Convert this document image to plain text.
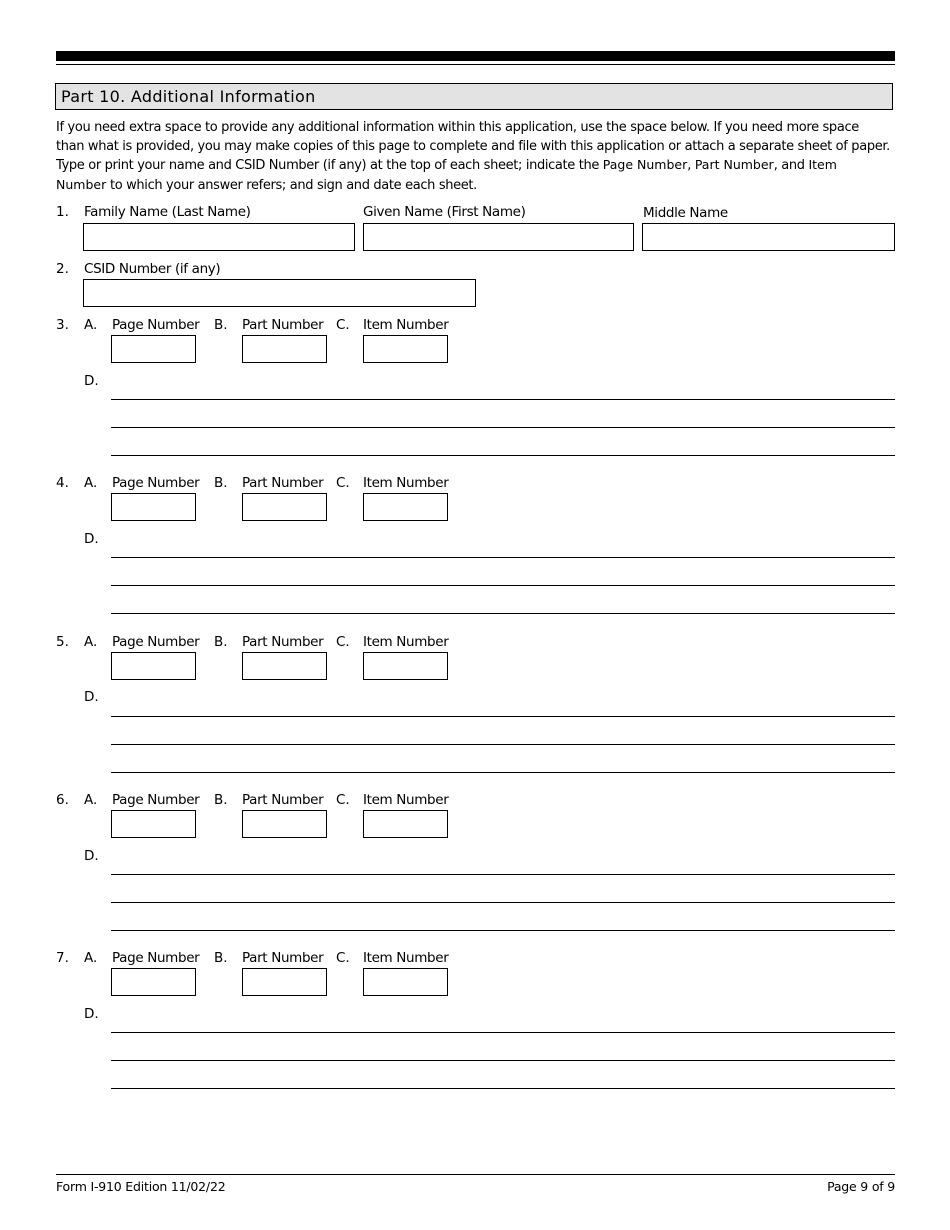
Part 10. Additional Information
If you need extra space to provide any additional information within this application, use the space below. If you need more space
than what is provided, you may make copies of this page to complete and file with this application or attach a separate sheet of paper.
Type or print your name and CSID Number (if any) at the top of each sheet; indicate the Page Number, Part Number, and Item
Number to which your answer refers; and sign and date each sheet.
1. Family Name (Last Name)	Given Name (First Name)	Middle Name
2. CSID Number (if any)
3. A. Page Number B. Part Number C. Item Number
D.
4. A. Page Number B. Part Number C. Item Number
D.
5. A. Page Number B. Part Number C. Item Number
D.
6. A. Page Number B. Part Number C. Item Number
D.
7. A. Page Number B. Part Number C. Item Number
D.
Form I-910 Edition 11/02/22	Page 9 of 9
